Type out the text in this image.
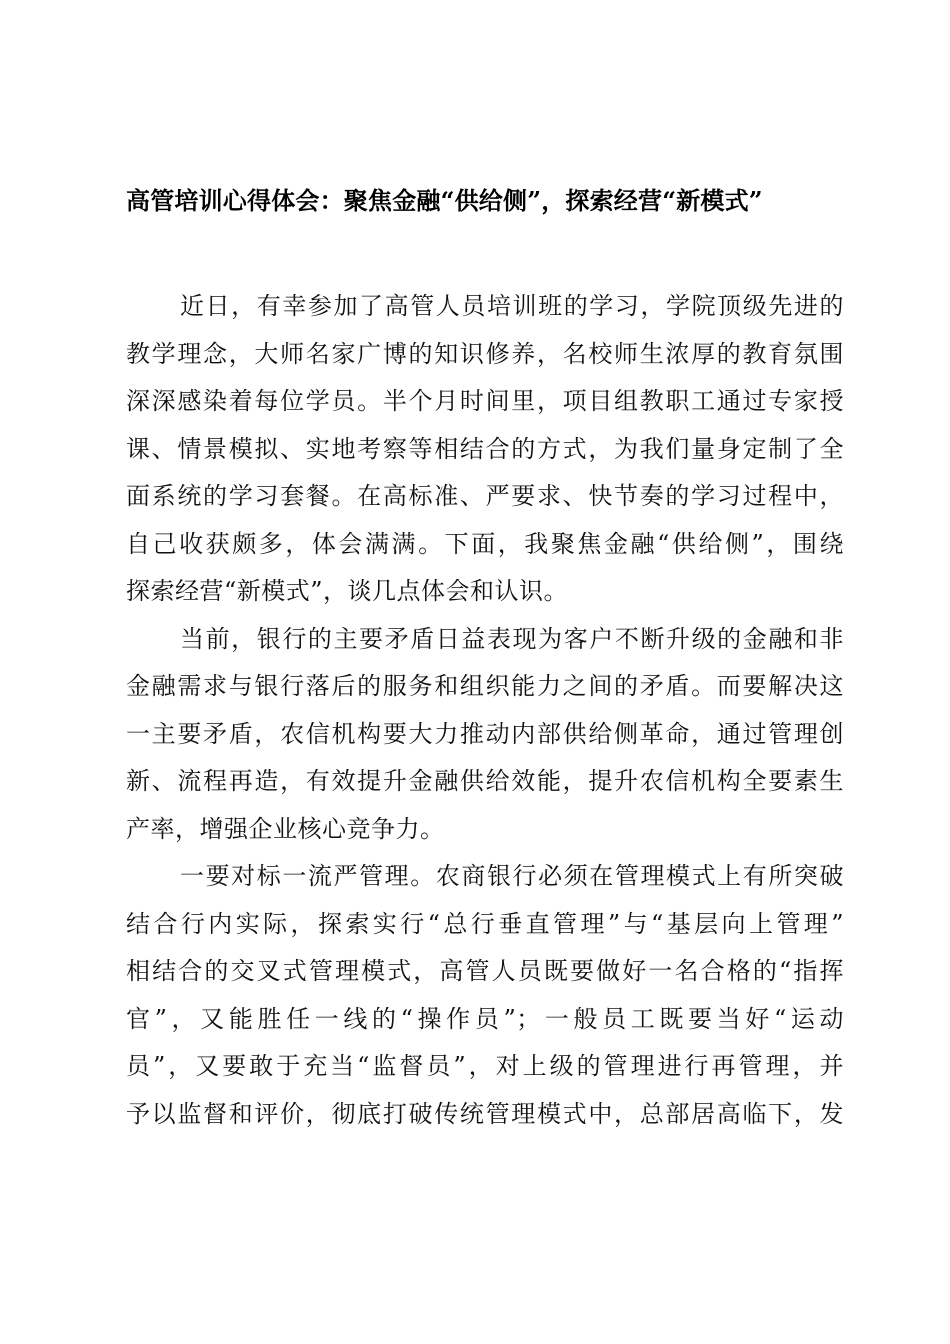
高管培训心得体会：聚焦金融“供给侧”，探索经营“新模式”
近日，有幸参加了高管人员培训班的学习，学院顶级先进的
教学理念，大师名家广博的知识修养，名校师生浓厚的教育氛围
深深感染着每位学员。半个月时间里，项目组教职工通过专家授
课、情景模拟、实地考察等相结合的方式，为我们量身定制了全
面系统的学习套餐。在高标准、严要求、快节奏的学习过程中，
自己收获颇多，体会满满。下面，我聚焦金融“供给侧”，围绕
探索经营“新模式”，谈几点体会和认识。
当前，银行的主要矛盾日益表现为客户不断升级的金融和非
金融需求与银行落后的服务和组织能力之间的矛盾。而要解决这
一主要矛盾，农信机构要大力推动内部供给侧革命，通过管理创
新、流程再造，有效提升金融供给效能，提升农信机构全要素生
产率，增强企业核心竞争力。
一要对标一流严管理。农商银行必须在管理模式上有所突破
结合行内实际，探索实行“总行垂直管理”与“基层向上管理”
相结合的交叉式管理模式，高管人员既要做好一名合格的“指挥
官”，又能胜任一线的“操作员”；一般员工既要当好“运动
员”，又要敢于充当“监督员”，对上级的管理进行再管理，并
予以监督和评价，彻底打破传统管理模式中，总部居高临下，发
